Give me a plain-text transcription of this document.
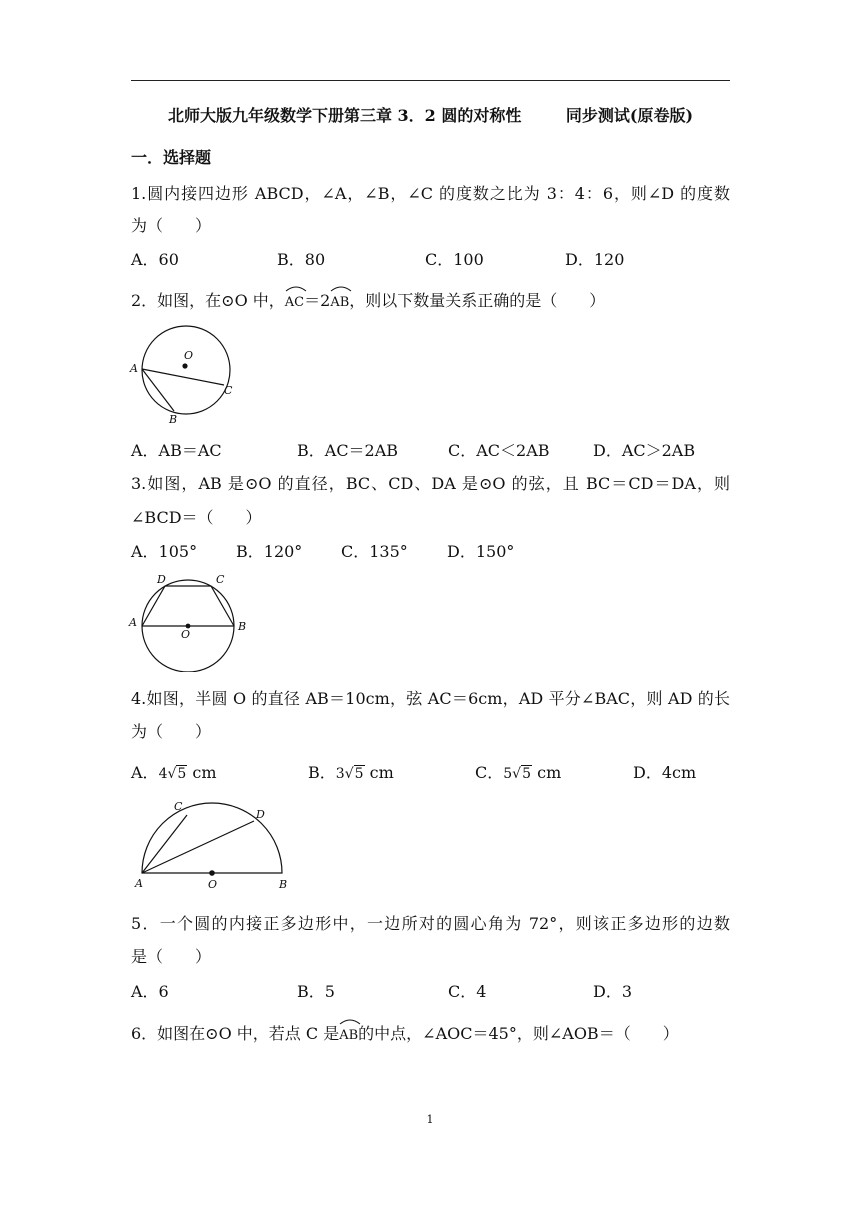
北师大版九年级数学下册第三章 3．2 圆的对称性        同步测试(原卷版)
一．选择题
1.圆内接四边形 ABCD，∠A，∠B，∠C 的度数之比为 3：4：6，则∠D 的度数
为（　　）
A．60	B．80	C．100	D．120
2．如图，在⊙O 中，
AC＝2
AB，则以下数量关系正确的是（　　）
O
A
C
B
A．AB＝AC	B．AC＝2AB	C．AC＜2AB	D．AC＞2AB
3.如图，AB 是⊙O 的直径，BC、CD、DA 是⊙O 的弦，且 BC＝CD＝DA，则
∠BCD＝（　　）
A．105° B．120° C．135° D．150°
D	C
A	B
O
4.如图，半圆 O 的直径 AB＝10cm，弦 AC＝6cm，AD 平分∠BAC，则 AD 的长
为（　　）
A．4√5 cm	B．3√5 cm	C．5√5 cm	D．4cm
C
D
A	O	B
5．一个圆的内接正多边形中，一边所对的圆心角为 72°，则该正多边形的边数
是（　　）
A．6	B．5	C．4	D．3
6．如图在⊙O 中，若点 C 是
AB的中点，∠AOC＝45°，则∠AOB＝（　　）
1
